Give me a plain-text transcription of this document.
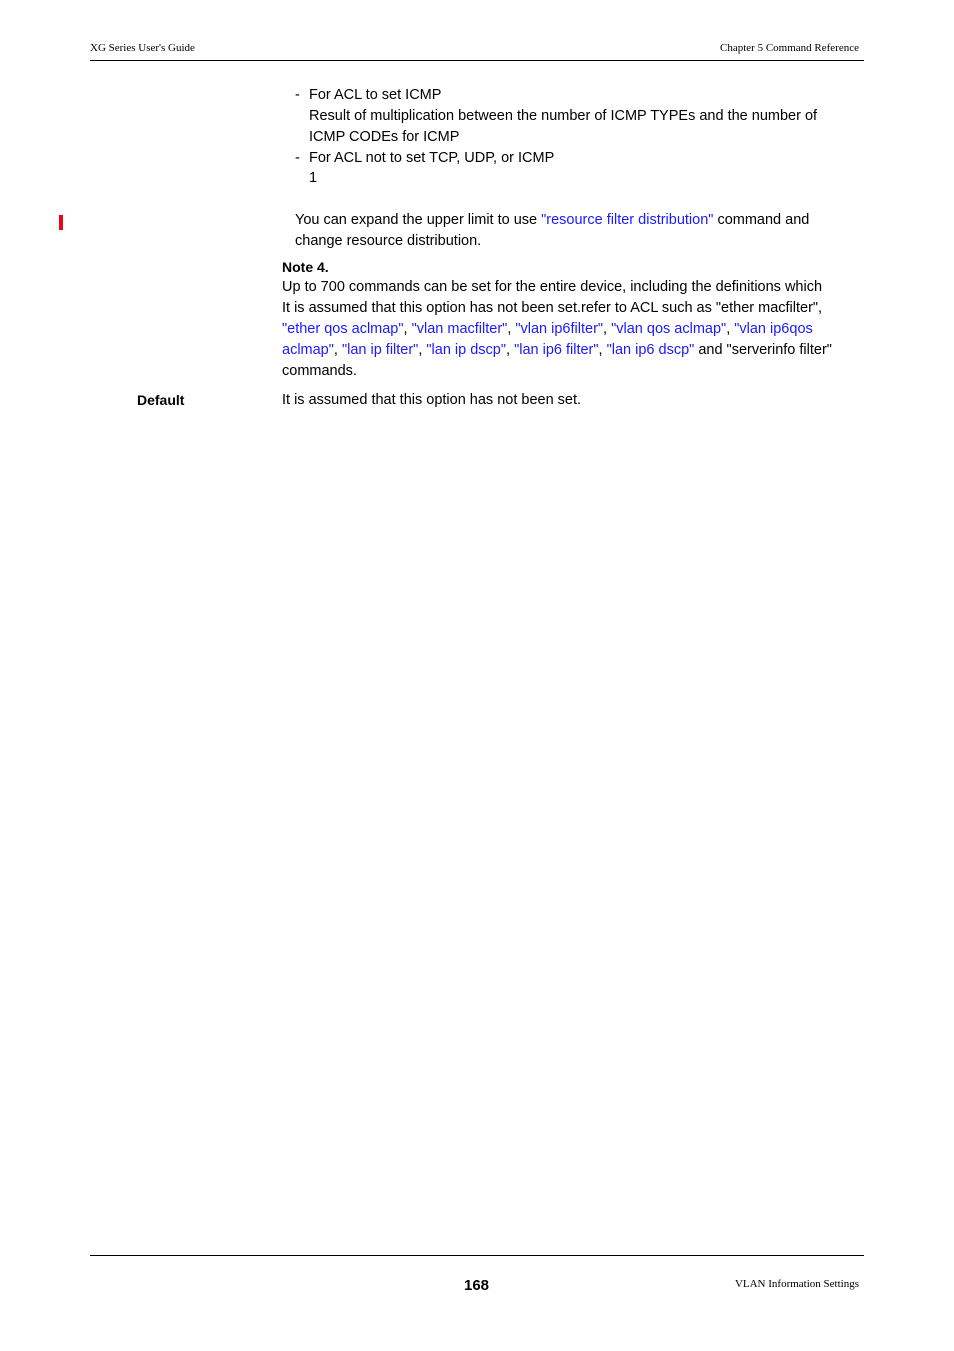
XG Series User's Guide	Chapter 5 Command Reference
- For ACL to set ICMP
Result of multiplication between the number of ICMP TYPEs and the number of
ICMP CODEs for ICMP
- For ACL not to set TCP, UDP, or ICMP
1
You can expand the upper limit to use "resource filter distribution" command and
change resource distribution.
Note 4.
Up to 700 commands can be set for the entire device, including the definitions which
It is assumed that this option has not been set.refer to ACL such as "ether macfilter",
"ether qos aclmap", "vlan macfilter", "vlan ip6filter", "vlan qos aclmap", "vlan ip6qos
aclmap", "lan ip filter", "lan ip dscp", "lan ip6 filter", "lan ip6 dscp" and "serverinfo filter"
commands.
Default	It is assumed that this option has not been set.
168	VLAN Information Settings
